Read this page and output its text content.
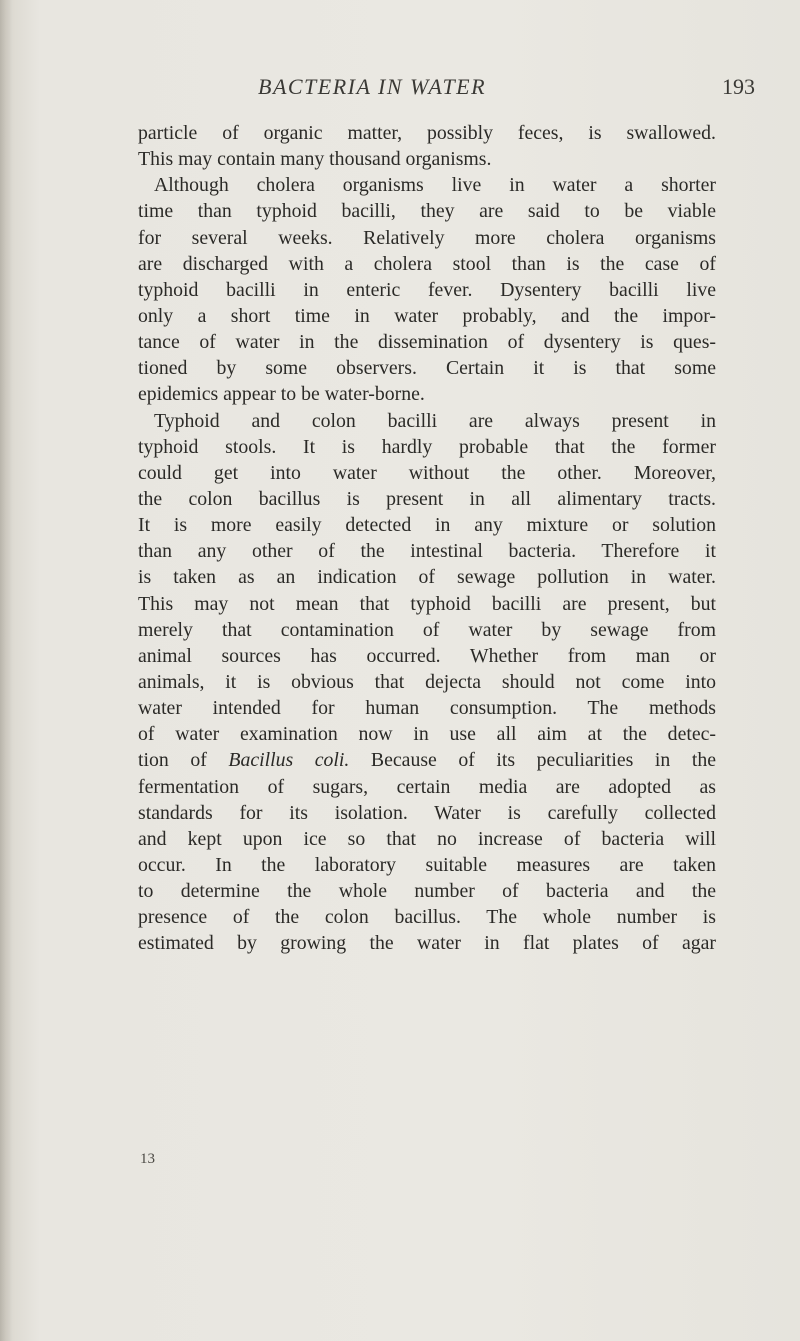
BACTERIA IN WATER	193
particle of organic matter, possibly feces, is swallowed.
This may contain many thousand organisms.
Although cholera organisms live in water a shorter
time than typhoid bacilli, they are said to be viable
for several weeks. Relatively more cholera organisms
are discharged with a cholera stool than is the case of
typhoid bacilli in enteric fever. Dysentery bacilli live
only a short time in water probably, and the impor-
tance of water in the dissemination of dysentery is ques-
tioned by some observers. Certain it is that some
epidemics appear to be water-borne.
Typhoid and colon bacilli are always present in
typhoid stools. It is hardly probable that the former
could get into water without the other. Moreover,
the colon bacillus is present in all alimentary tracts.
It is more easily detected in any mixture or solution
than any other of the intestinal bacteria. Therefore it
is taken as an indication of sewage pollution in water.
This may not mean that typhoid bacilli are present, but
merely that contamination of water by sewage from
animal sources has occurred. Whether from man or
animals, it is obvious that dejecta should not come into
water intended for human consumption. The methods
of water examination now in use all aim at the detec-
tion of Bacillus coli. Because of its peculiarities in the
fermentation of sugars, certain media are adopted as
standards for its isolation. Water is carefully collected
and kept upon ice so that no increase of bacteria will
occur. In the laboratory suitable measures are taken
to determine the whole number of bacteria and the
presence of the colon bacillus. The whole number is
estimated by growing the water in flat plates of agar
13
